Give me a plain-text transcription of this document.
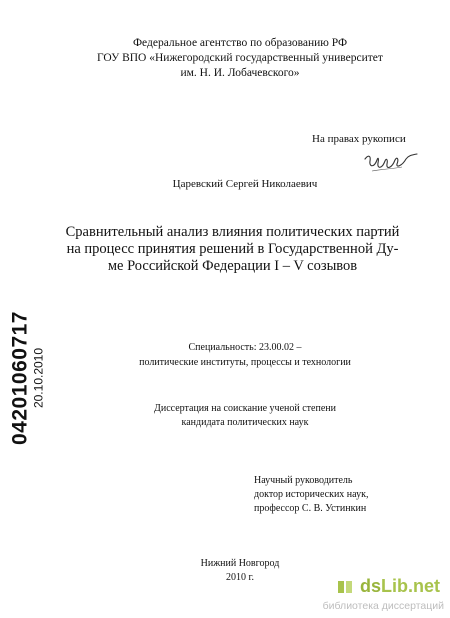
Федеральное агентство по образованию РФ
ГОУ ВПО «Нижегородский государственный университет
им. Н. И. Лобачевского»
На правах рукописи
Царевский Сергей Николаевич
Сравнительный анализ влияния политических партий
на процесс принятия решений в Государственной Ду-
ме Российской Федерации I – V созывов
Специальность: 23.00.02 –
политические институты, процессы и технологии
Диссертация на соискание ученой степени
кандидата политических наук
Научный руководитель
доктор исторических наук,
профессор С. В. Устинкин
Нижний Новгород
2010 г.
04201060717 20.10.2010
dsLib.net
библиотека диссертаций
